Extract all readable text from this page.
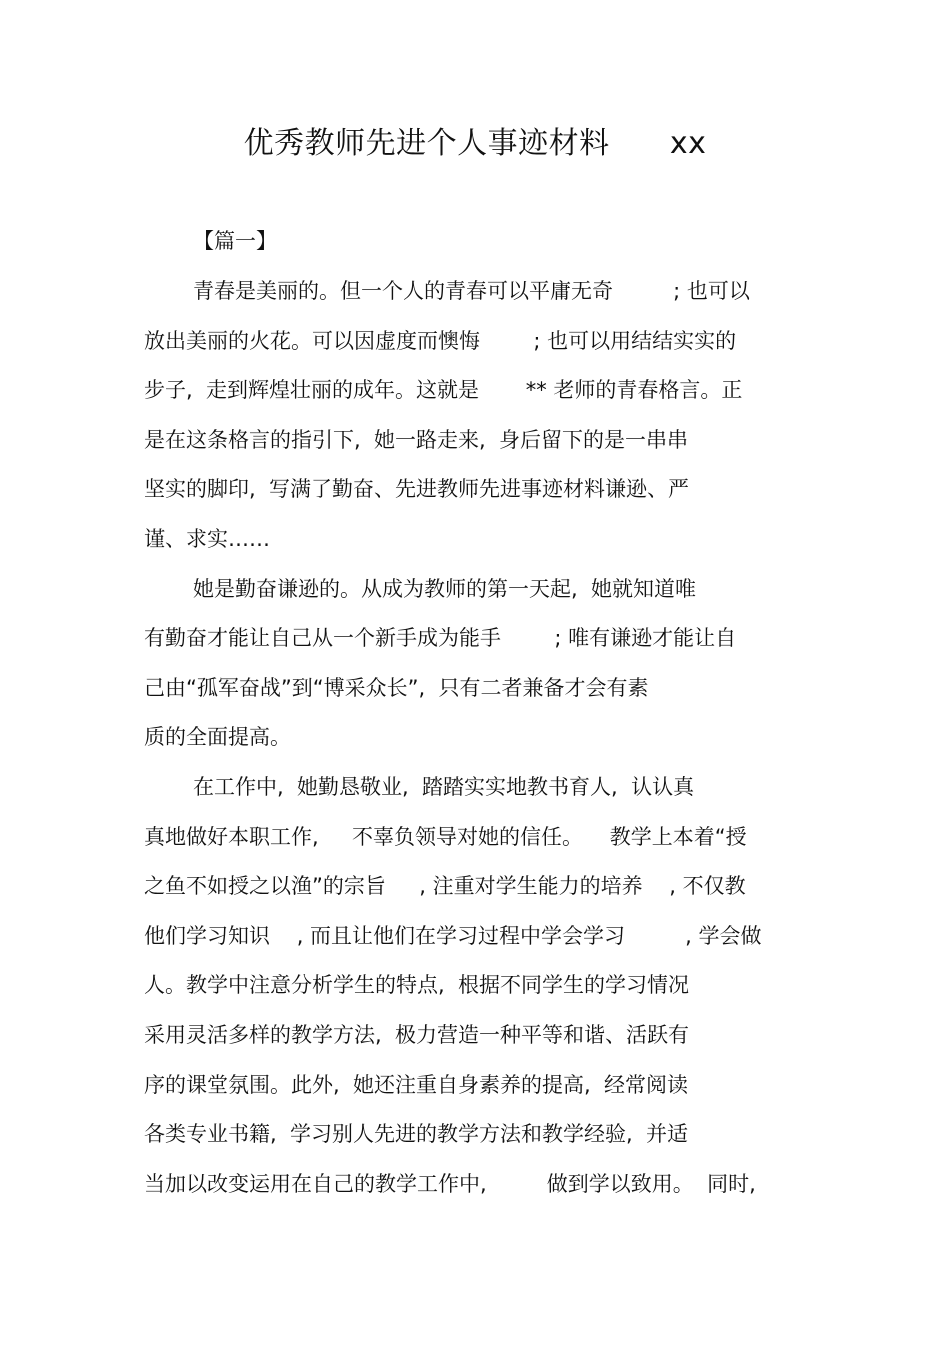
优秀教师先进个人事迹材料      xx
【篇一】
青春是美丽的。但一个人的青春可以平庸无奇         ; 也可以
放出美丽的火花。可以因虚度而懊悔        ; 也可以用结结实实的
步子,  走到辉煌壮丽的成年。这就是       ** 老师的青春格言。正
是在这条格言的指引下,  她一路走来,  身后留下的是一串串
坚实的脚印,  写满了勤奋、先进教师先进事迹材料谦逊、严
谨、求实……
她是勤奋谦逊的。从成为教师的第一天起,  她就知道唯
有勤奋才能让自己从一个新手成为能手        ; 唯有谦逊才能让自
己由“孤军奋战”到“博采众长”,  只有二者兼备才会有素
质的全面提高。
在工作中,  她勤恳敬业,  踏踏实实地教书育人,  认认真
真地做好本职工作,     不辜负领导对她的信任。    教学上本着“授
之鱼不如授之以渔”的宗旨     , 注重对学生能力的培养    , 不仅教
他们学习知识    , 而且让他们在学习过程中学会学习         , 学会做
人。教学中注意分析学生的特点,  根据不同学生的学习情况
采用灵活多样的教学方法,  极力营造一种平等和谐、活跃有
序的课堂氛围。此外,  她还注重自身素养的提高,  经常阅读
各类专业书籍,  学习别人先进的教学方法和教学经验,  并适
当加以改变运用在自己的教学工作中,         做到学以致用。  同时,
